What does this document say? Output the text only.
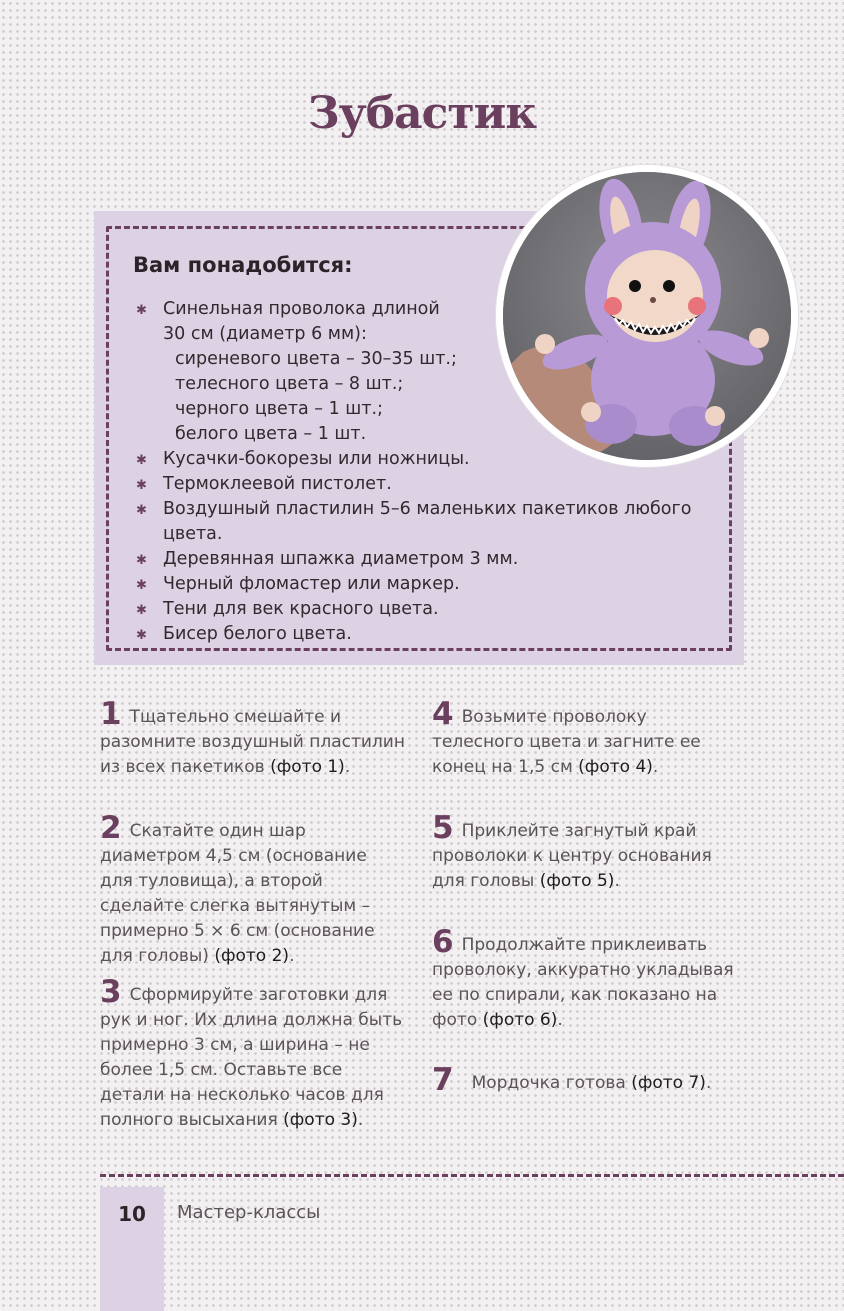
Зубастик
Вам понадобится:
✱ Синельная проволока длиной
30 см (диаметр 6 мм):
сиреневого цвета – 30–35 шт.;
телесного цвета – 8 шт.;
черного цвета – 1 шт.;
белого цвета – 1 шт.
✱ Кусачки-бокорезы или ножницы.
✱ Термоклеевой пистолет.
✱ Воздушный пластилин 5–6 маленьких пакетиков любого цвета.
✱ Деревянная шпажка диаметром 3 мм.
✱ Черный фломастер или маркер.
✱ Тени для век красного цвета.
✱ Бисер белого цвета.
1 Тщательно смешайте и разомните воздушный пластилин из всех пакетиков (фото 1).
2 Скатайте один шар диаметром 4,5 см (основание для туловища), а второй сделайте слегка вытянутым – примерно 5 × 6 см (основание для головы) (фото 2).
3 Сформируйте заготовки для рук и ног. Их длина должна быть примерно 3 см, а ширина – не более 1,5 см. Оставьте все детали на несколько часов для полного высыхания (фото 3).
4 Возьмите проволоку телесного цвета и загните ее конец на 1,5 см (фото 4).
5 Приклейте загнутый край проволоки к центру основания для головы (фото 5).
6 Продолжайте приклеивать проволоку, аккуратно укладывая ее по спирали, как показано на фото (фото 6).
7 Мордочка готова (фото 7).
10	Мастер-классы
